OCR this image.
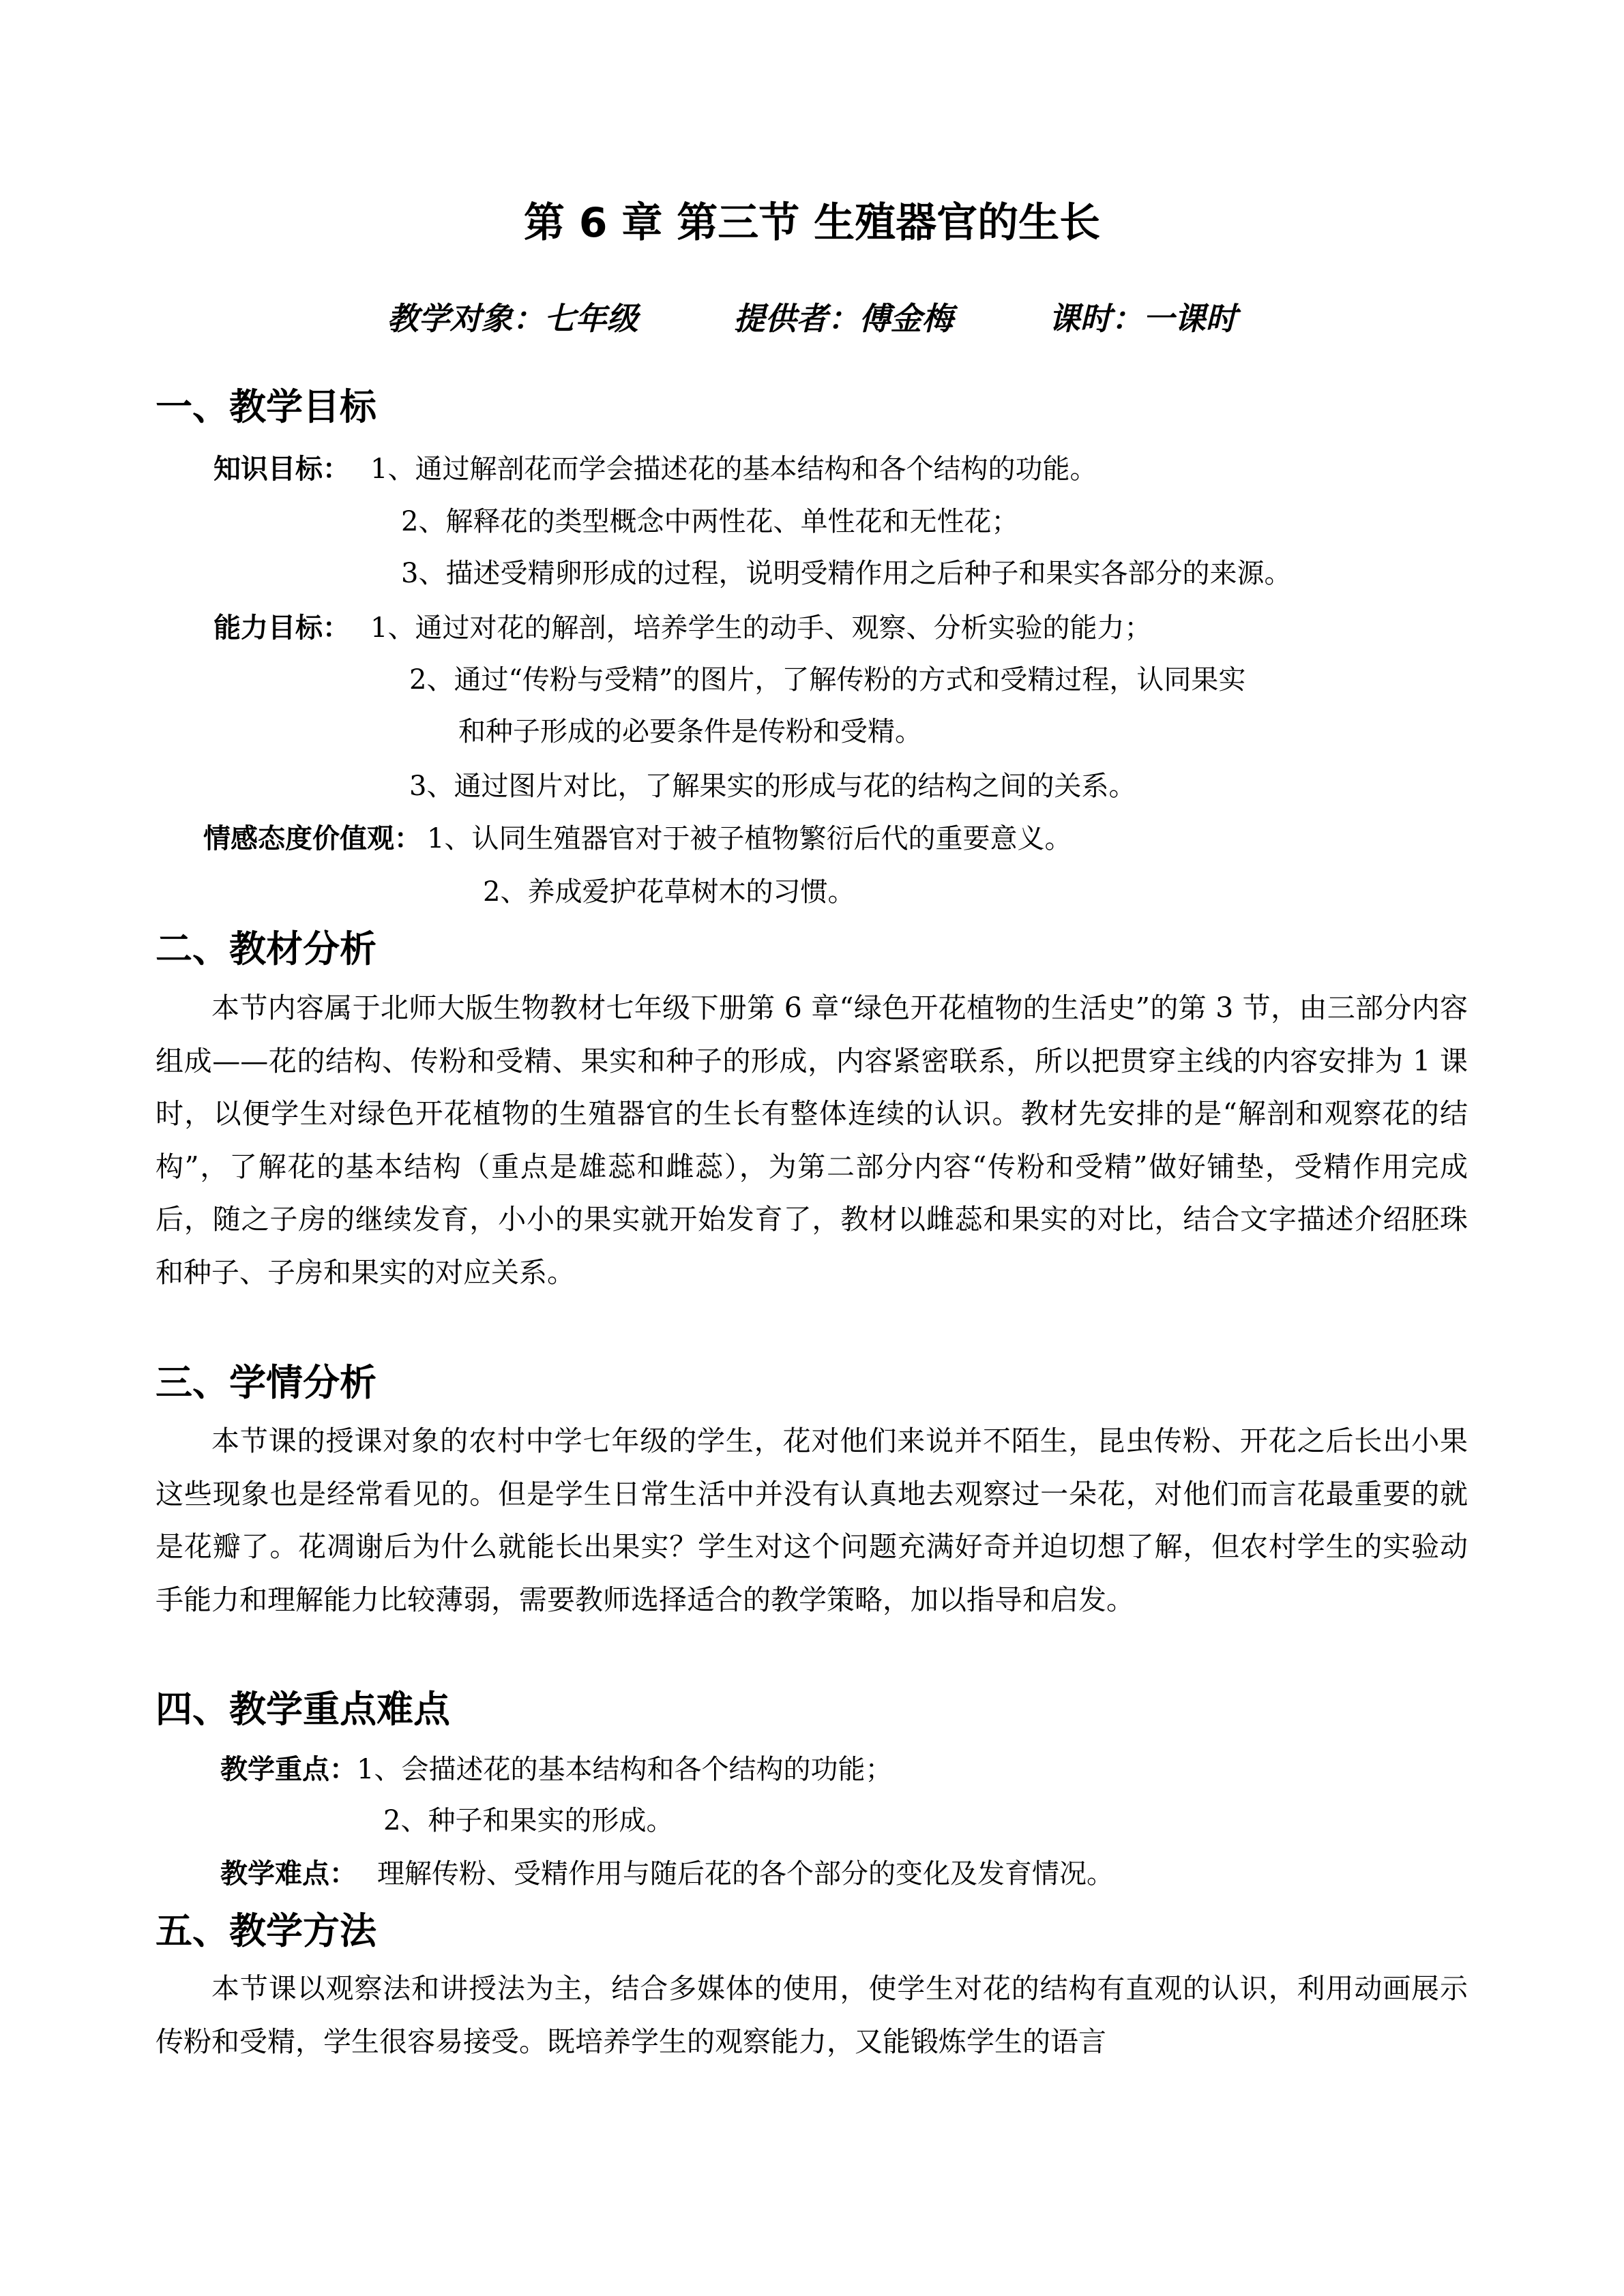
第 6 章 第三节 生殖器官的生长
教学对象：七年级	提供者：傅金梅	课时：一课时
一、教学目标
知识目标： 1、通过解剖花而学会描述花的基本结构和各个结构的功能。
2、解释花的类型概念中两性花、单性花和无性花；
3、描述受精卵形成的过程，说明受精作用之后种子和果实各部分的来源。
能力目标： 1、通过对花的解剖，培养学生的动手、观察、分析实验的能力；
2、通过“传粉与受精”的图片，了解传粉的方式和受精过程，认同果实
和种子形成的必要条件是传粉和受精。
3、通过图片对比，了解果实的形成与花的结构之间的关系。
情感态度价值观： 1、认同生殖器官对于被子植物繁衍后代的重要意义。
2、养成爱护花草树木的习惯。
二、教材分析
本节内容属于北师大版生物教材七年级下册第 6 章“绿色开花植物的生活史”的第 3 节，由三部分内容组成——花的结构、传粉和受精、果实和种子的形成，内容紧密联系，所以把贯穿主线的内容安排为 1 课时，以便学生对绿色开花植物的生殖器官的生长有整体连续的认识。教材先安排的是“解剖和观察花的结构”，了解花的基本结构（重点是雄蕊和雌蕊），为第二部分内容“传粉和受精”做好铺垫，受精作用完成后，随之子房的继续发育，小小的果实就开始发育了，教材以雌蕊和果实的对比，结合文字描述介绍胚珠和种子、子房和果实的对应关系。
三、学情分析
本节课的授课对象的农村中学七年级的学生，花对他们来说并不陌生，昆虫传粉、开花之后长出小果这些现象也是经常看见的。但是学生日常生活中并没有认真地去观察过一朵花，对他们而言花最重要的就是花瓣了。花凋谢后为什么就能长出果实？学生对这个问题充满好奇并迫切想了解，但农村学生的实验动手能力和理解能力比较薄弱，需要教师选择适合的教学策略，加以指导和启发。
四、教学重点难点
教学重点：1、会描述花的基本结构和各个结构的功能；
2、种子和果实的形成。
教学难点： 理解传粉、受精作用与随后花的各个部分的变化及发育情况。
五、教学方法
本节课以观察法和讲授法为主，结合多媒体的使用，使学生对花的结构有直观的认识，利用动画展示传粉和受精，学生很容易接受。既培养学生的观察能力，又能锻炼学生的语言
